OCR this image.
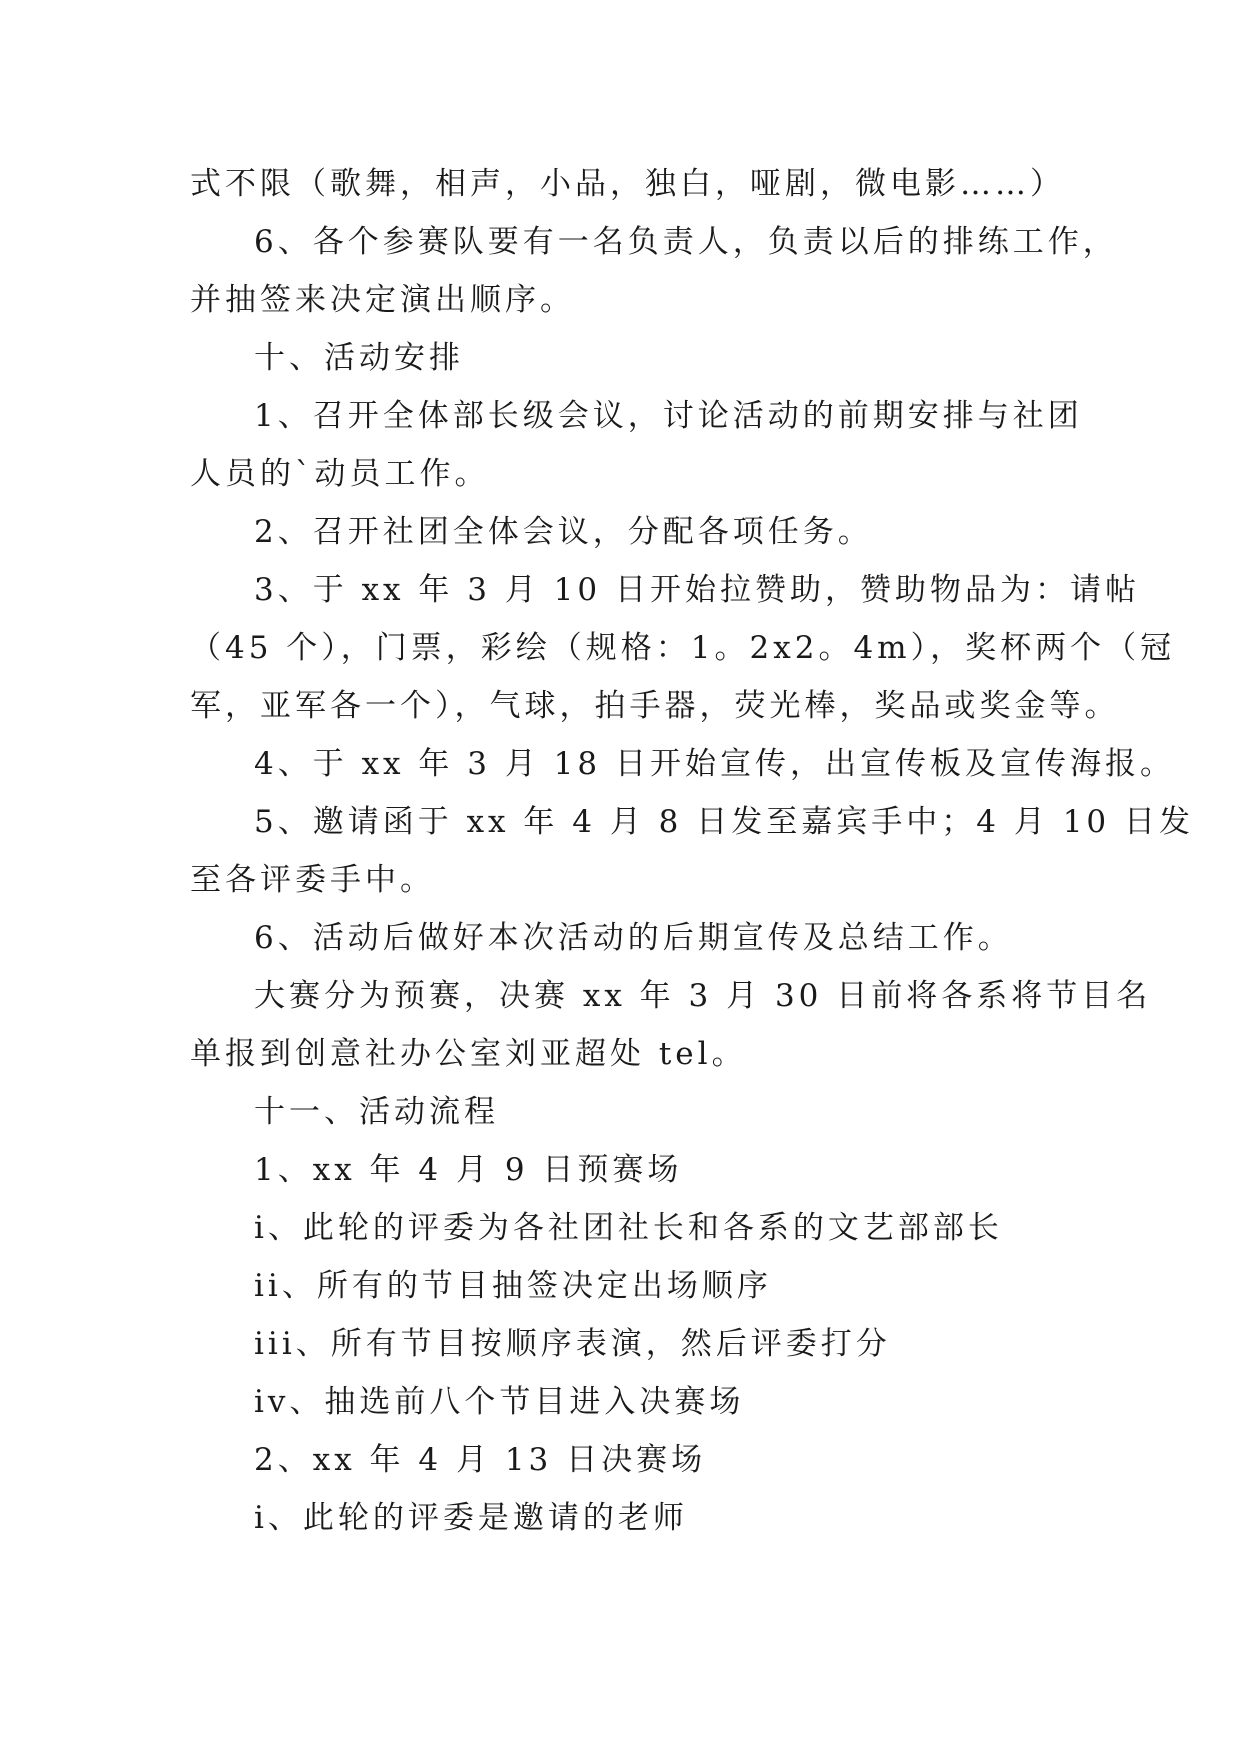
式不限（歌舞，相声，小品，独白，哑剧，微电影……）
6、各个参赛队要有一名负责人，负责以后的排练工作，
并抽签来决定演出顺序。
十、活动安排
1、召开全体部长级会议，讨论活动的前期安排与社团
人员的`动员工作。
2、召开社团全体会议，分配各项任务。
3、于 xx 年 3 月 10 日开始拉赞助，赞助物品为：请帖
（45 个），门票，彩绘（规格：1。2x2。4m），奖杯两个（冠
军，亚军各一个），气球，拍手器，荧光棒，奖品或奖金等。
4、于 xx 年 3 月 18 日开始宣传，出宣传板及宣传海报。
5、邀请函于 xx 年 4 月 8 日发至嘉宾手中；4 月 10 日发
至各评委手中。
6、活动后做好本次活动的后期宣传及总结工作。
大赛分为预赛，决赛 xx 年 3 月 30 日前将各系将节目名
单报到创意社办公室刘亚超处 tel。
十一、活动流程
1、xx 年 4 月 9 日预赛场
i、此轮的评委为各社团社长和各系的文艺部部长
ii、所有的节目抽签决定出场顺序
iii、所有节目按顺序表演，然后评委打分
iv、抽选前八个节目进入决赛场
2、xx 年 4 月 13 日决赛场
i、此轮的评委是邀请的老师
